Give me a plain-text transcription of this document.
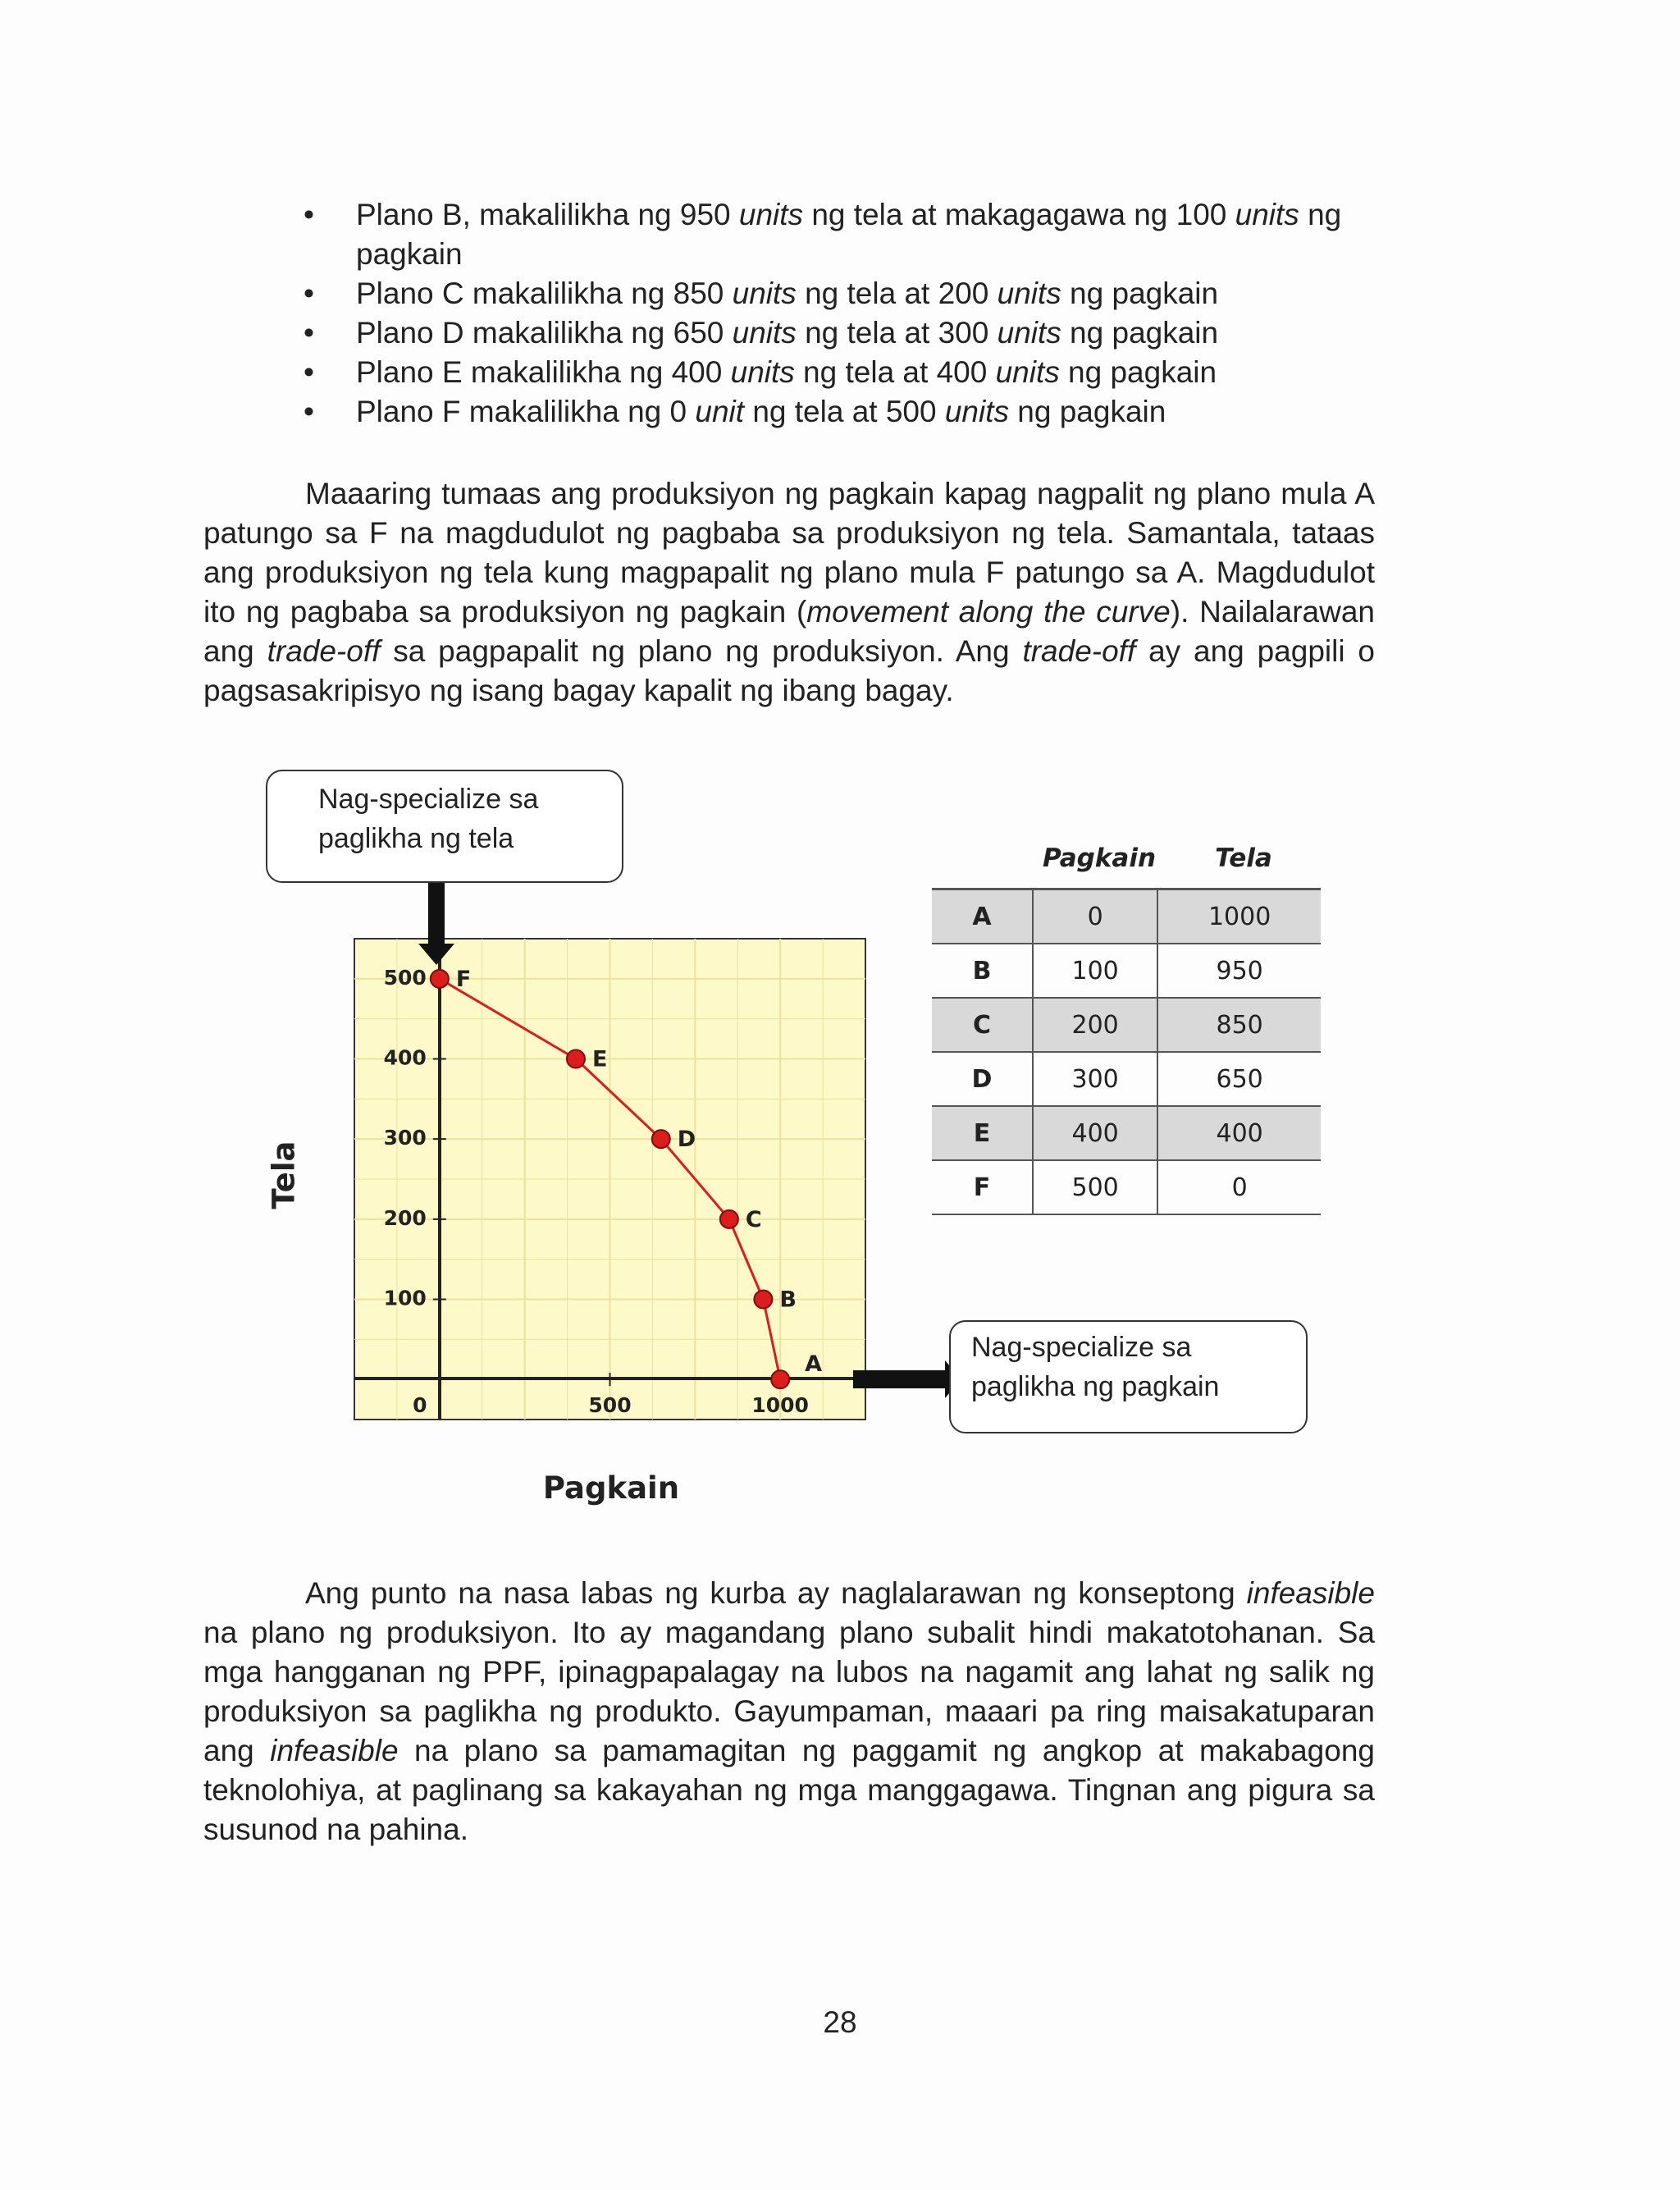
• Plano B, makalilikha ng 950 units ng tela at makagagawa ng 100 units ng pagkain
• Plano C makalilikha ng 850 units ng tela at 200 units ng pagkain
• Plano D makalilikha ng 650 units ng tela at 300 units ng pagkain
• Plano E makalilikha ng 400 units ng tela at 400 units ng pagkain
• Plano F makalilikha ng 0 unit ng tela at 500 units ng pagkain

Maaaring tumaas ang produksiyon ng pagkain kapag nagpalit ng plano mula A patungo sa F na magdudulot ng pagbaba sa produksiyon ng tela. Samantala, tataas ang produksiyon ng tela kung magpapalit ng plano mula F patungo sa A. Magdudulot ito ng pagbaba sa produksiyon ng pagkain (movement along the curve). Nailalarawan ang trade-off sa pagpapalit ng plano ng produksiyon. Ang trade-off ay ang pagpili o pagsasakripisyo ng isang bagay kapalit ng ibang bagay.

100
200
300
400
500
0	500	1000
A
B
C
D
E
F
Tela
Pagkain
Nag-specialize sa
paglikha ng tela
Nag-specialize sa
paglikha ng pagkain
Pagkain	Tela
A	0	1000
B	100	950
C	200	850
D	300	650
E	400	400
F	500	0

Ang punto na nasa labas ng kurba ay naglalarawan ng konseptong infeasible na plano ng produksiyon. Ito ay magandang plano subalit hindi makatotohanan. Sa mga hangganan ng PPF, ipinagpapalagay na lubos na nagamit ang lahat ng salik ng produksiyon sa paglikha ng produkto. Gayumpaman, maaari pa ring maisakatuparan ang infeasible na plano sa pamamagitan ng paggamit ng angkop at makabagong teknolohiya, at paglinang sa kakayahan ng mga manggagawa. Tingnan ang pigura sa susunod na pahina.

28
